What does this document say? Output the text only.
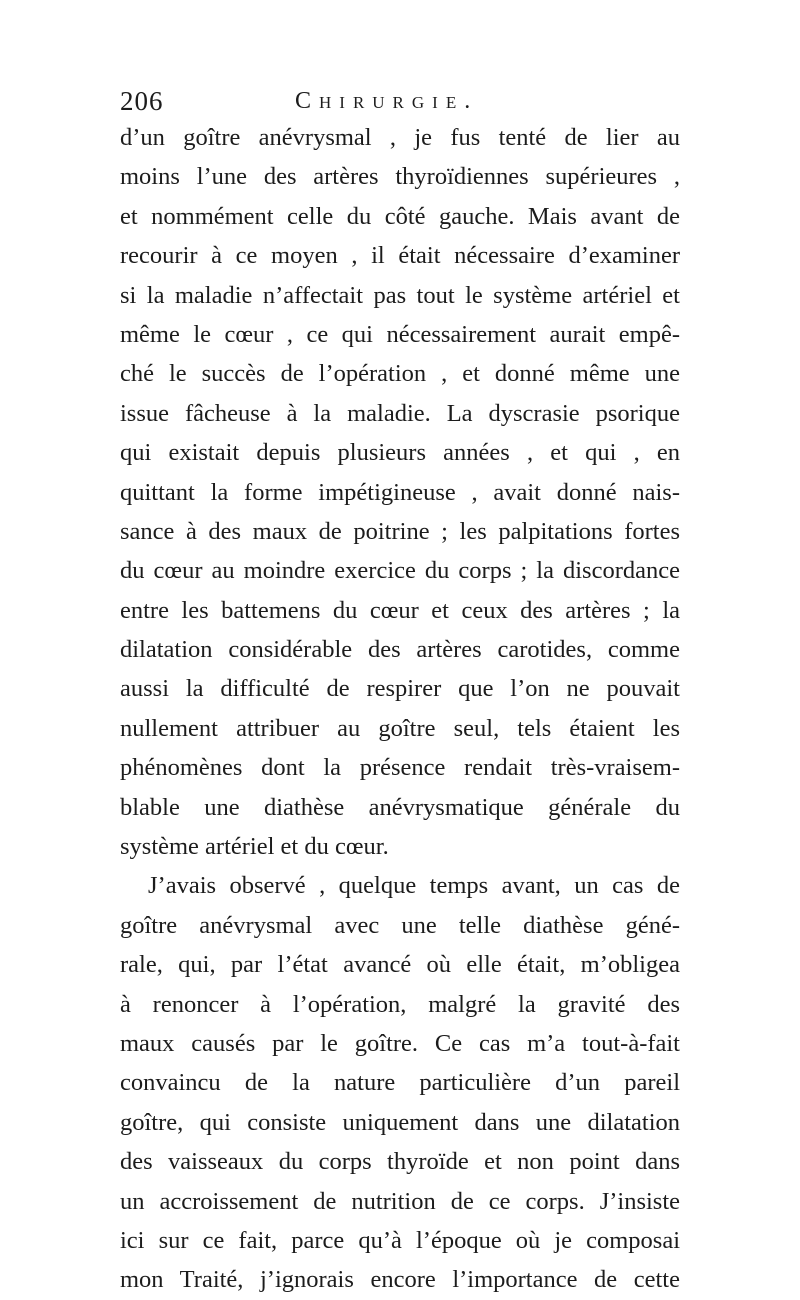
206	Chirurgie.
d’un goître anévrysmal , je fus tenté de lier au
moins l’une des artères thyroïdiennes supérieures ,
et nommément celle du côté gauche. Mais avant de
recourir à ce moyen , il était nécessaire d’examiner
si la maladie n’affectait pas tout le système artériel et
même le cœur , ce qui nécessairement aurait empê-
ché le succès de l’opération , et donné même une
issue fâcheuse à la maladie. La dyscrasie psorique
qui existait depuis plusieurs années , et qui , en
quittant la forme impétigineuse , avait donné nais-
sance à des maux de poitrine ; les palpitations fortes
du cœur au moindre exercice du corps ; la discordance
entre les battemens du cœur et ceux des artères ; la
dilatation considérable des artères carotides, comme
aussi la difficulté de respirer que l’on ne pouvait
nullement attribuer au goître seul, tels étaient les
phénomènes dont la présence rendait très-vraisem-
blable une diathèse anévrysmatique générale du
système artériel et du cœur.
J’avais observé , quelque temps avant, un cas de
goître anévrysmal avec une telle diathèse géné-
rale, qui, par l’état avancé où elle était, m’obligea
à renoncer à l’opération, malgré la gravité des
maux causés par le goître. Ce cas m’a tout-à-fait
convaincu de la nature particulière d’un pareil
goître, qui consiste uniquement dans une dilatation
des vaisseaux du corps thyroïde et non point dans
un accroissement de nutrition de ce corps. J’insiste
ici sur ce fait, parce qu’à l’époque où je composai
mon Traité, j’ignorais encore l’importance de cette
